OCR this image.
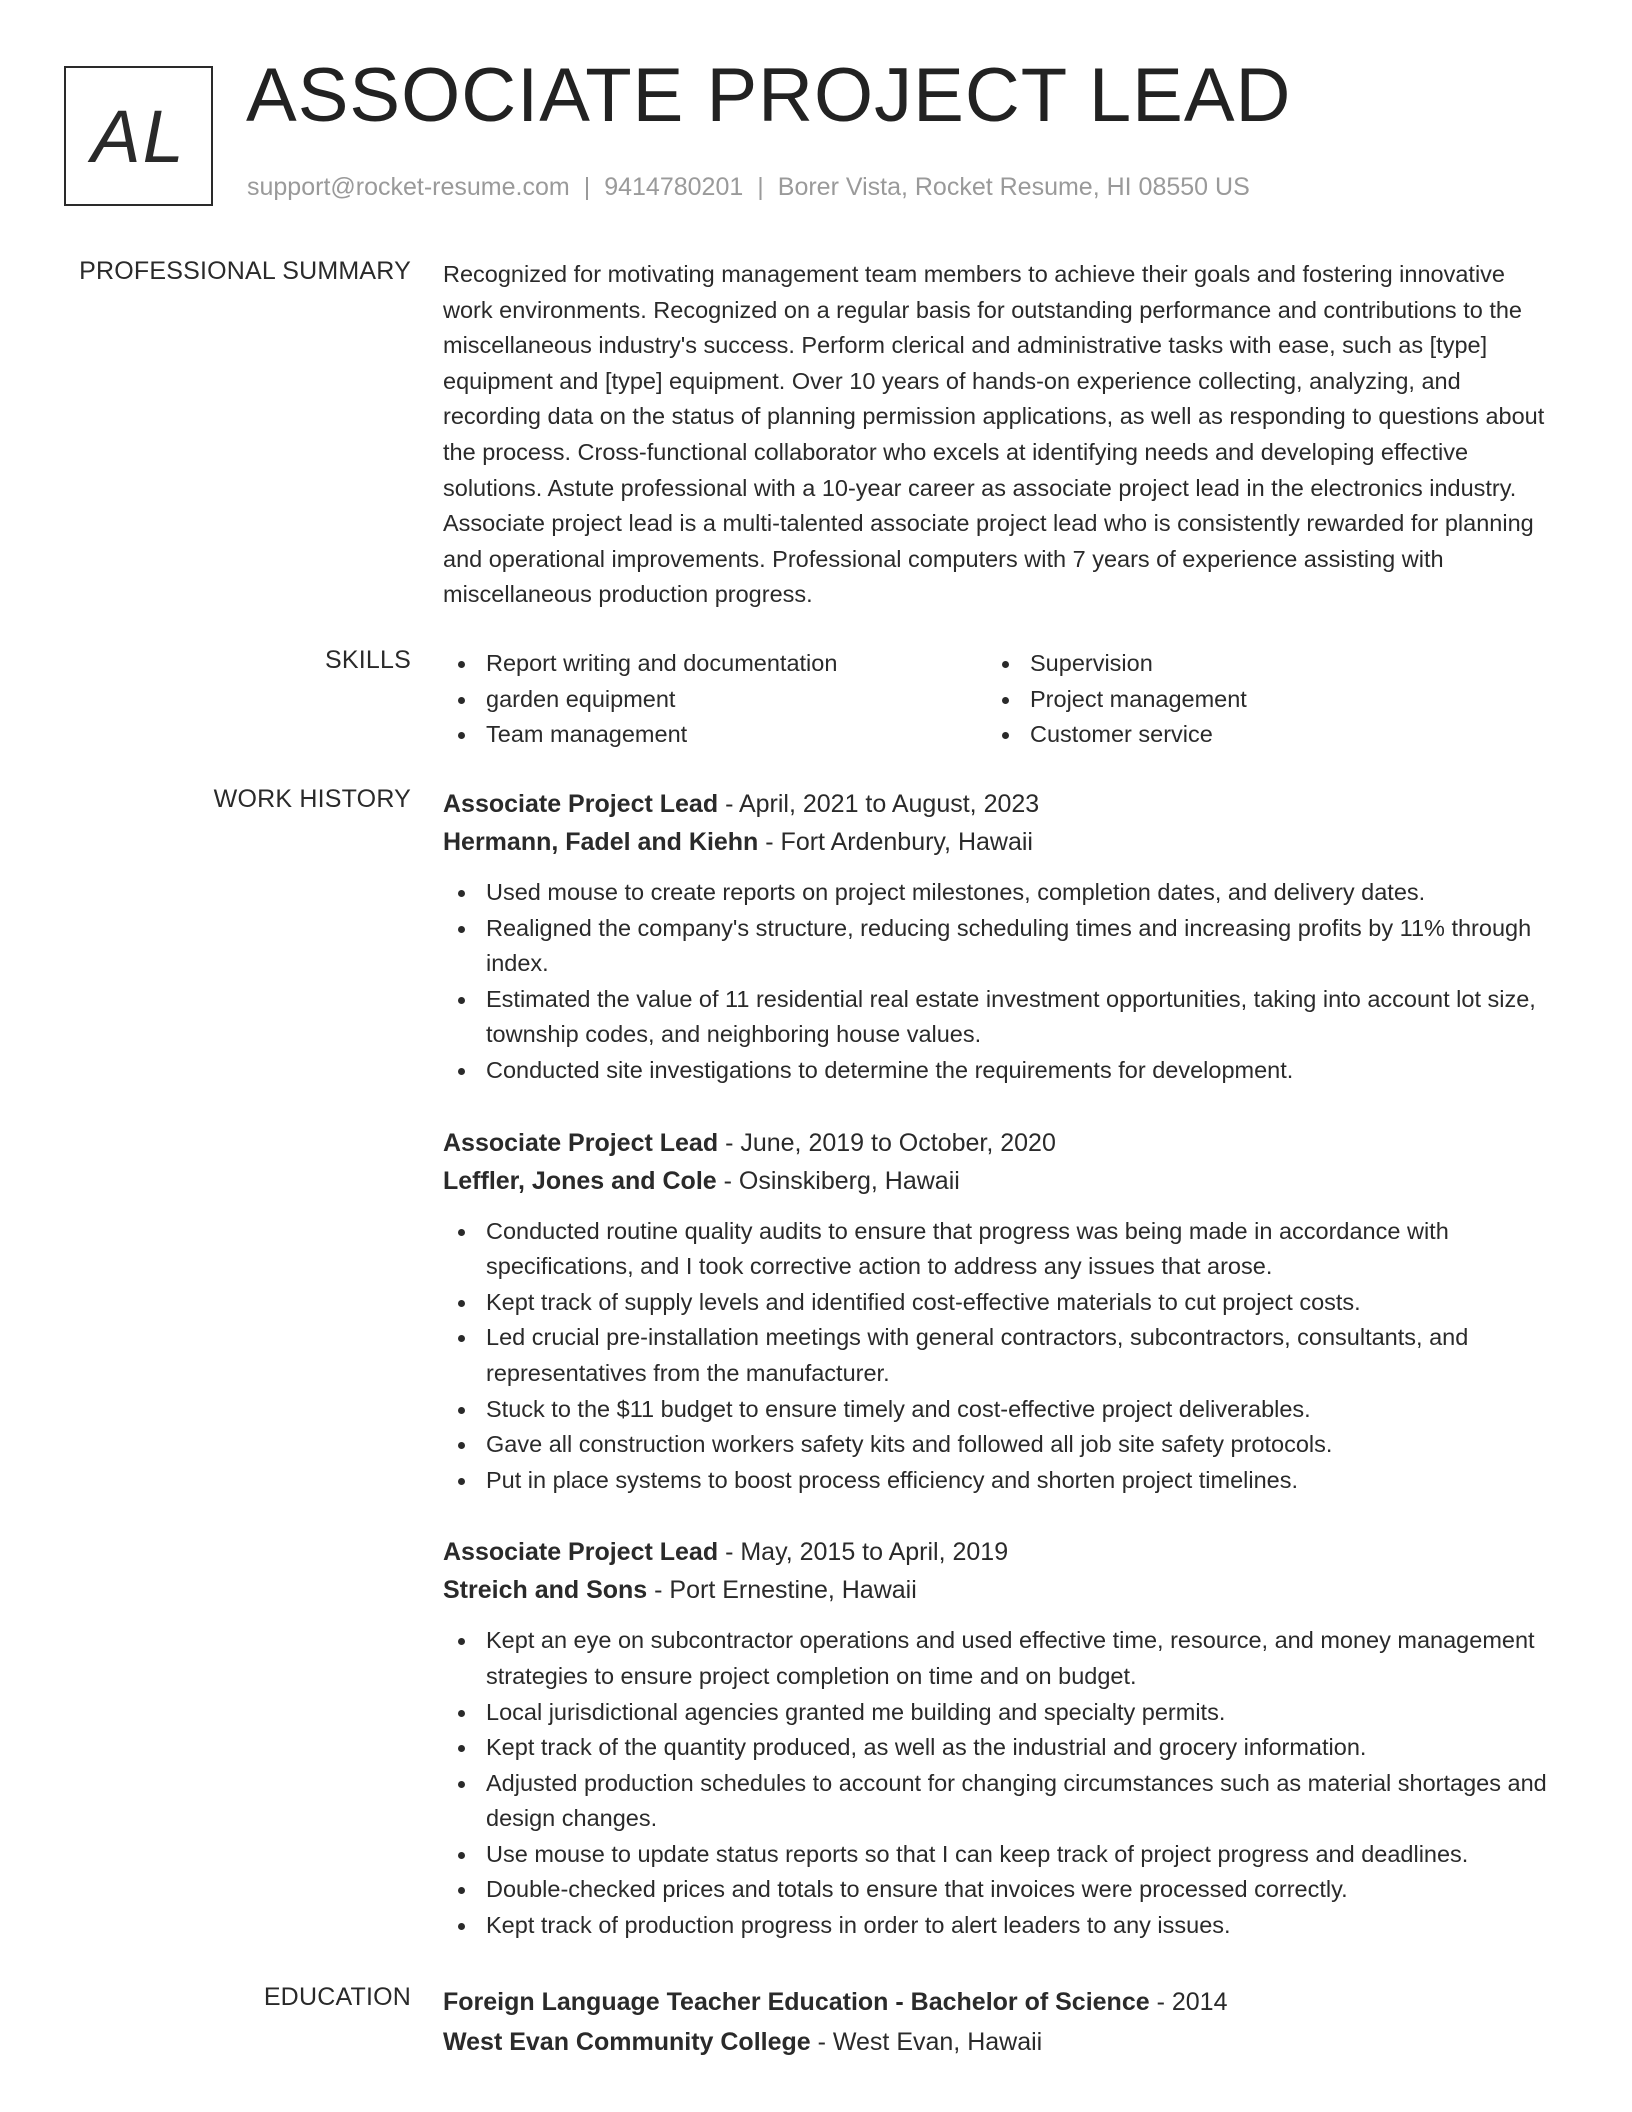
AL ASSOCIATE PROJECT LEAD
support@rocket-resume.com | 9414780201 | Borer Vista, Rocket Resume, HI 08550 US
PROFESSIONAL SUMMARY Recognized for motivating management team members to achieve their goals and fostering innovative work environments. Recognized on a regular basis for outstanding performance and contributions to the miscellaneous industry's success. Perform clerical and administrative tasks with ease, such as [type] equipment and [type] equipment. Over 10 years of hands-on experience collecting, analyzing, and recording data on the status of planning permission applications, as well as responding to questions about the process. Cross-functional collaborator who excels at identifying needs and developing effective solutions. Astute professional with a 10-year career as associate project lead in the electronics industry. Associate project lead is a multi-talented associate project lead who is consistently rewarded for planning and operational improvements. Professional computers with 7 years of experience assisting with miscellaneous production progress.

SKILLS	Report writing and documentation
garden equipment
Team management
Supervision
Project management
Customer service
WORK HISTORY Associate Project Lead - April, 2021 to August, 2023
Hermann, Fadel and Kiehn - Fort Ardenbury, Hawaii
Used mouse to create reports on project milestones, completion dates, and delivery dates.
Realigned the company's structure, reducing scheduling times and increasing profits by 11% through index.
Estimated the value of 11 residential real estate investment opportunities, taking into account lot size, township codes, and neighboring house values.
Conducted site investigations to determine the requirements for development.
Associate Project Lead - June, 2019 to October, 2020
Leffler, Jones and Cole - Osinskiberg, Hawaii
Conducted routine quality audits to ensure that progress was being made in accordance with specifications, and I took corrective action to address any issues that arose.
Kept track of supply levels and identified cost-effective materials to cut project costs.
Led crucial pre-installation meetings with general contractors, subcontractors, consultants, and representatives from the manufacturer.
Stuck to the $11 budget to ensure timely and cost-effective project deliverables.
Gave all construction workers safety kits and followed all job site safety protocols.
Put in place systems to boost process efficiency and shorten project timelines.
Associate Project Lead - May, 2015 to April, 2019
Streich and Sons - Port Ernestine, Hawaii
Kept an eye on subcontractor operations and used effective time, resource, and money management strategies to ensure project completion on time and on budget.
Local jurisdictional agencies granted me building and specialty permits.
Kept track of the quantity produced, as well as the industrial and grocery information.
Adjusted production schedules to account for changing circumstances such as material shortages and design changes.
Use mouse to update status reports so that I can keep track of project progress and deadlines.
Double-checked prices and totals to ensure that invoices were processed correctly.
Kept track of production progress in order to alert leaders to any issues.
EDUCATION Foreign Language Teacher Education - Bachelor of Science - 2014
West Evan Community College - West Evan, Hawaii
